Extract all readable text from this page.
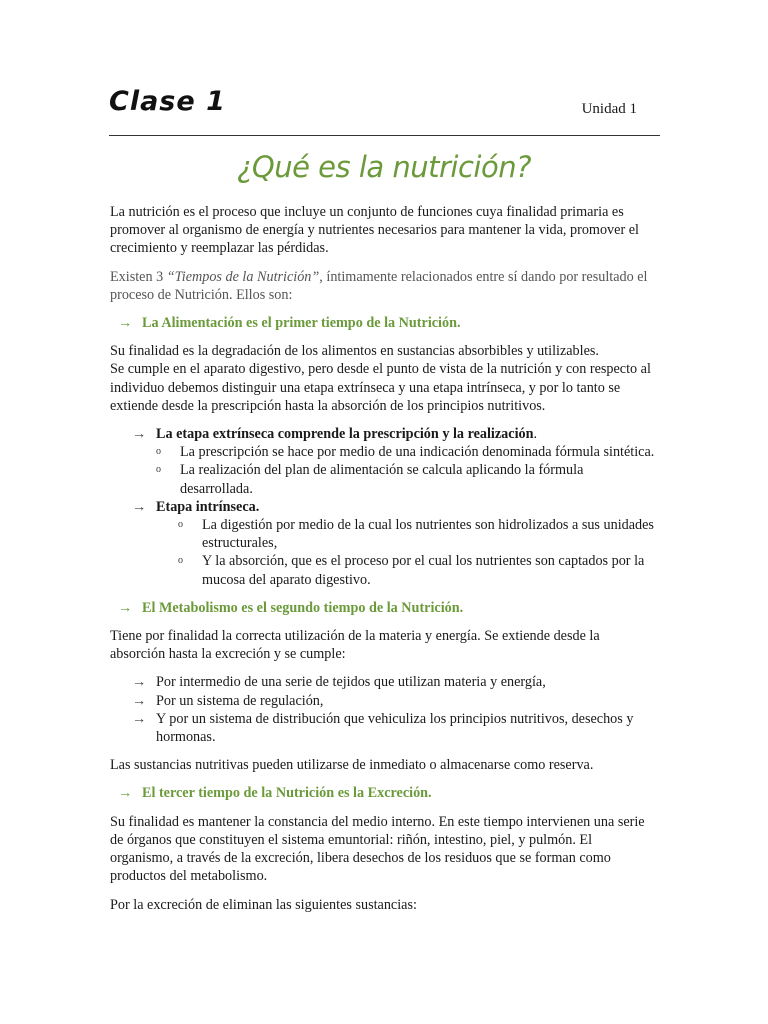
Clase 1	Unidad 1
¿Qué es la nutrición?

La nutrición es el proceso que incluye un conjunto de funciones cuya finalidad primaria es promover al organismo de energía y nutrientes necesarios para mantener la vida, promover el crecimiento y reemplazar las pérdidas.

Existen 3 “Tiempos de la Nutrición”, íntimamente relacionados entre sí dando por resultado el proceso de Nutrición. Ellos son:

→ La Alimentación es el primer tiempo de la Nutrición.

Su finalidad es la degradación de los alimentos en sustancias absorbibles y utilizables.

Se cumple en el aparato digestivo, pero desde el punto de vista de la nutrición y con respecto al individuo debemos distinguir una etapa extrínseca y una etapa intrínseca, y por lo tanto se extiende desde la prescripción hasta la absorción de los principios nutritivos.

→ La etapa extrínseca comprende la prescripción y la realización.
o	La prescripción se hace por medio de una indicación denominada fórmula sintética.
o	La realización del plan de alimentación se calcula aplicando la fórmula desarrollada.
→ Etapa intrínseca.
o	La digestión por medio de la cual los nutrientes son hidrolizados a sus unidades estructurales,
o	Y la absorción, que es el proceso por el cual los nutrientes son captados por la mucosa del aparato digestivo.
→ El Metabolismo es el segundo tiempo de la Nutrición.

Tiene por finalidad la correcta utilización de la materia y energía. Se extiende desde la absorción hasta la excreción y se cumple:

→ Por intermedio de una serie de tejidos que utilizan materia y energía,
→ Por un sistema de regulación,
→ Y por un sistema de distribución que vehiculiza los principios nutritivos, desechos y hormonas.

Las sustancias nutritivas pueden utilizarse de inmediato o almacenarse como reserva.

→ El tercer tiempo de la Nutrición es la Excreción.

Su finalidad es mantener la constancia del medio interno. En este tiempo intervienen una serie de órganos que constituyen el sistema emuntorial: riñón, intestino, piel, y pulmón. El organismo, a través de la excreción, libera desechos de los residuos que se forman como productos del metabolismo.

Por la excreción de eliminan las siguientes sustancias:
